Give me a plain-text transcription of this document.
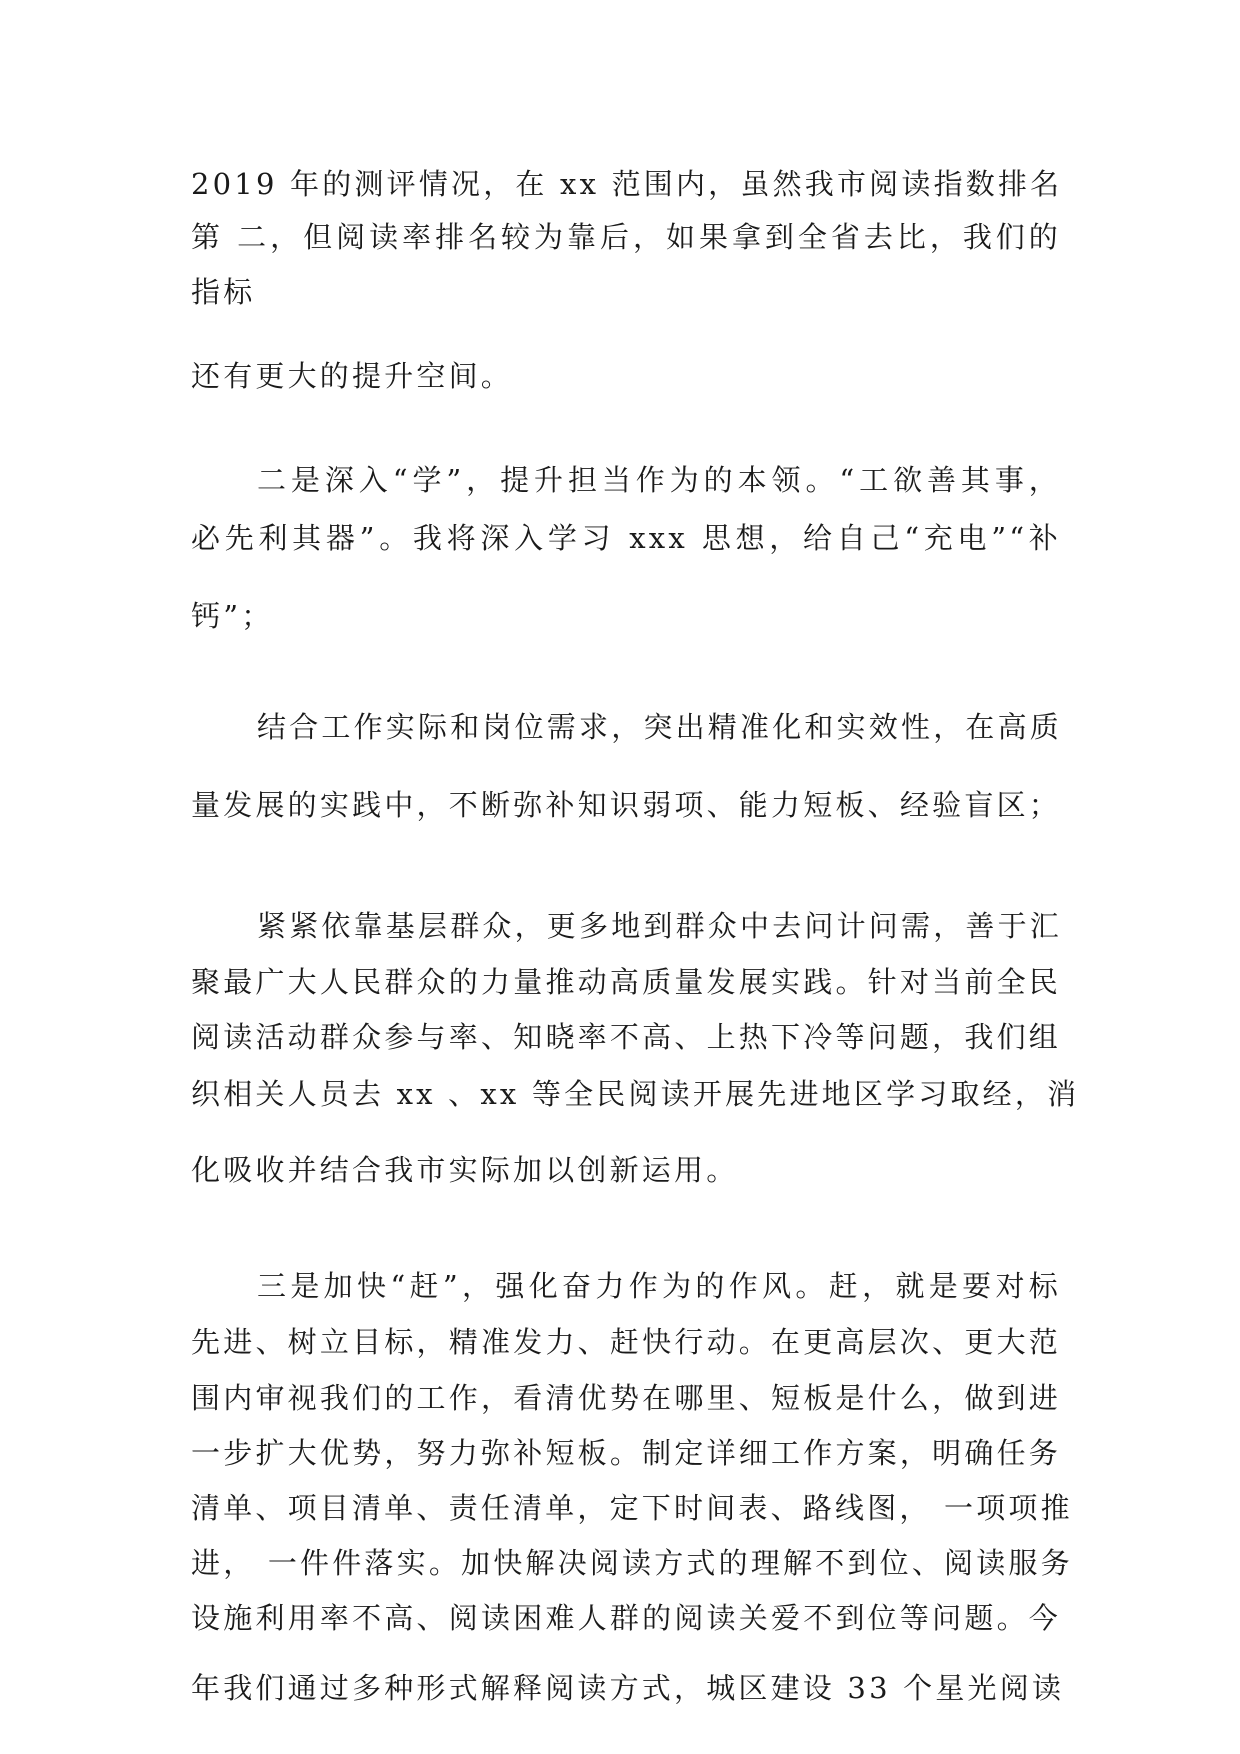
2019 年的测评情况，在 xx 范围内，虽然我市阅读指数排名

第 二，但阅读率排名较为靠后，如果拿到全省去比，我们的

指标

还有更大的提升空间。

二是深入“学”，提升担当作为的本领。“工欲善其事，

必先利其器”。我将深入学习 xxx 思想，给自己“充电”“补

钙”；

结合工作实际和岗位需求，突出精准化和实效性，在高质

量发展的实践中，不断弥补知识弱项、能力短板、经验盲区；

紧紧依靠基层群众，更多地到群众中去问计问需，善于汇

聚最广大人民群众的力量推动高质量发展实践。针对当前全民

阅读活动群众参与率、知晓率不高、上热下冷等问题，我们组

织相关人员去 xx 、xx 等全民阅读开展先进地区学习取经，消

化吸收并结合我市实际加以创新运用。

三是加快“赶”，强化奋力作为的作风。赶，就是要对标

先进、树立目标，精准发力、赶快行动。在更高层次、更大范

围内审视我们的工作，看清优势在哪里、短板是什么，做到进

一步扩大优势，努力弥补短板。制定详细工作方案，明确任务

清单、项目清单、责任清单，定下时间表、路线图， 一项项推

进， 一件件落实。加快解决阅读方式的理解不到位、阅读服务

设施利用率不高、阅读困难人群的阅读关爱不到位等问题。今

年我们通过多种形式解释阅读方式，城区建设 33 个星光阅读
